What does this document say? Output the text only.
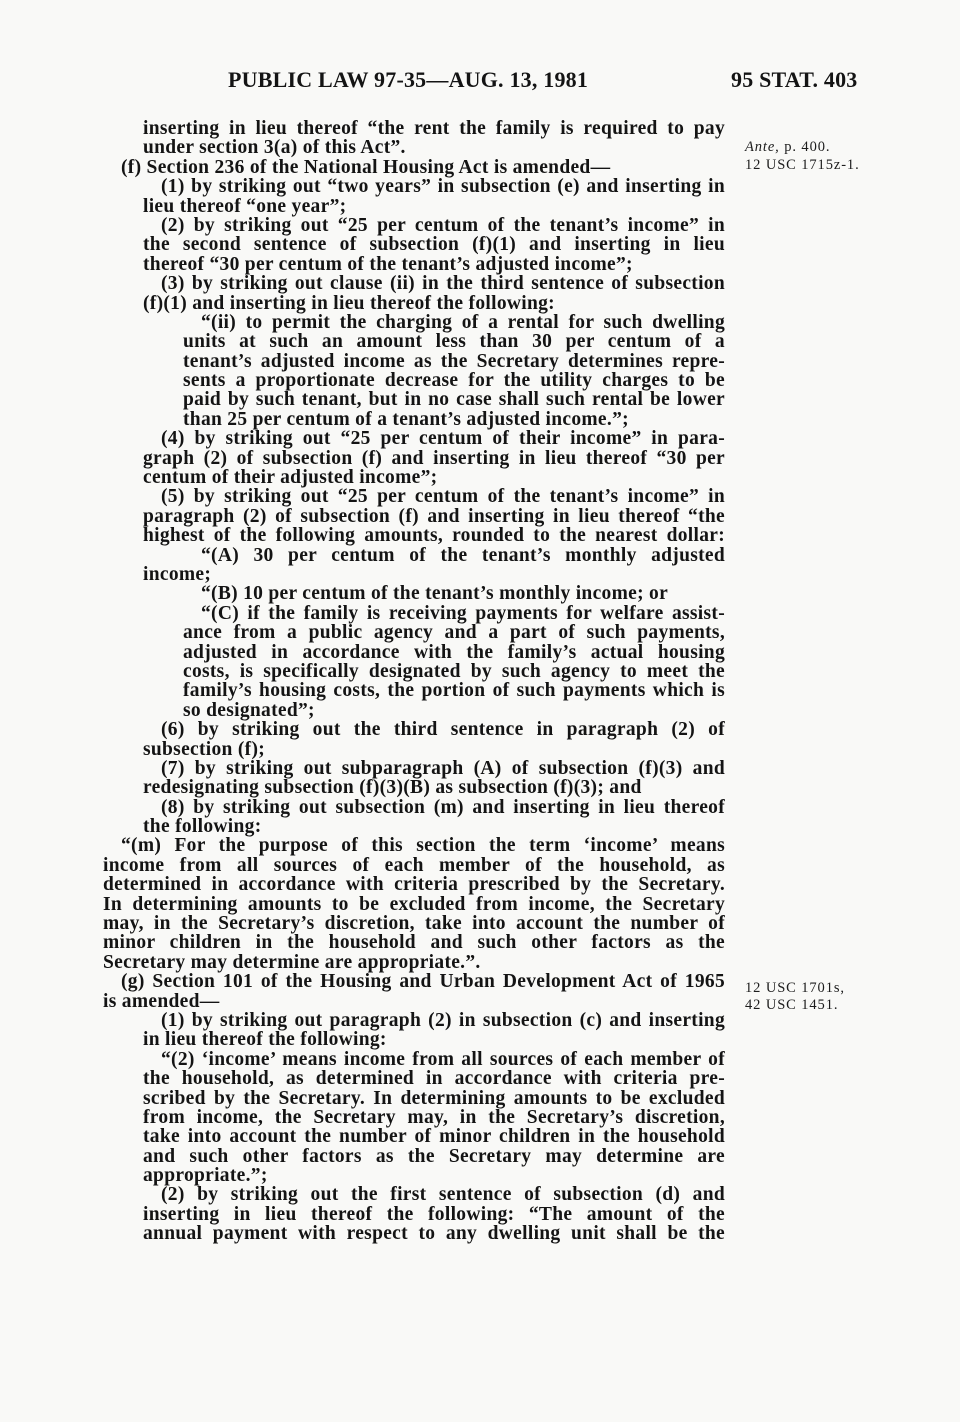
PUBLIC LAW 97-35—AUG. 13, 1981	95 STAT. 403
Ante, p. 400.
12 USC 1715z-1.
12 USC 1701s,
42 USC 1451.
inserting in lieu thereof “the rent the family is required to pay
under section 3(a) of this Act”.
(f) Section 236 of the National Housing Act is amended—
(1) by striking out “two years” in subsection (e) and inserting in
lieu thereof “one year”;
(2) by striking out “25 per centum of the tenant’s income” in
the second sentence of subsection (f)(1) and inserting in lieu
thereof “30 per centum of the tenant’s adjusted income”;
(3) by striking out clause (ii) in the third sentence of subsection
(f)(1) and inserting in lieu thereof the following:
“(ii) to permit the charging of a rental for such dwelling
units at such an amount less than 30 per centum of a
tenant’s adjusted income as the Secretary determines repre-
sents a proportionate decrease for the utility charges to be
paid by such tenant, but in no case shall such rental be lower
than 25 per centum of a tenant’s adjusted income.”;
(4) by striking out “25 per centum of their income” in para-
graph (2) of subsection (f) and inserting in lieu thereof “30 per
centum of their adjusted income”;
(5) by striking out “25 per centum of the tenant’s income” in
paragraph (2) of subsection (f) and inserting in lieu thereof “the
highest of the following amounts, rounded to the nearest dollar:
“(A) 30 per centum of the tenant’s monthly adjusted
income;
“(B) 10 per centum of the tenant’s monthly income; or
“(C) if the family is receiving payments for welfare assist-
ance from a public agency and a part of such payments,
adjusted in accordance with the family’s actual housing
costs, is specifically designated by such agency to meet the
family’s housing costs, the portion of such payments which is
so designated”;
(6) by striking out the third sentence in paragraph (2) of
subsection (f);
(7) by striking out subparagraph (A) of subsection (f)(3) and
redesignating subsection (f)(3)(B) as subsection (f)(3); and
(8) by striking out subsection (m) and inserting in lieu thereof
the following:
“(m) For the purpose of this section the term ‘income’ means
income from all sources of each member of the household, as
determined in accordance with criteria prescribed by the Secretary.
In determining amounts to be excluded from income, the Secretary
may, in the Secretary’s discretion, take into account the number of
minor children in the household and such other factors as the
Secretary may determine are appropriate.”.
(g) Section 101 of the Housing and Urban Development Act of 1965
is amended—
(1) by striking out paragraph (2) in subsection (c) and inserting
in lieu thereof the following:
“(2) ‘income’ means income from all sources of each member of
the household, as determined in accordance with criteria pre-
scribed by the Secretary. In determining amounts to be excluded
from income, the Secretary may, in the Secretary’s discretion,
take into account the number of minor children in the household
and such other factors as the Secretary may determine are
appropriate.”;
(2) by striking out the first sentence of subsection (d) and
inserting in lieu thereof the following: “The amount of the
annual payment with respect to any dwelling unit shall be the
